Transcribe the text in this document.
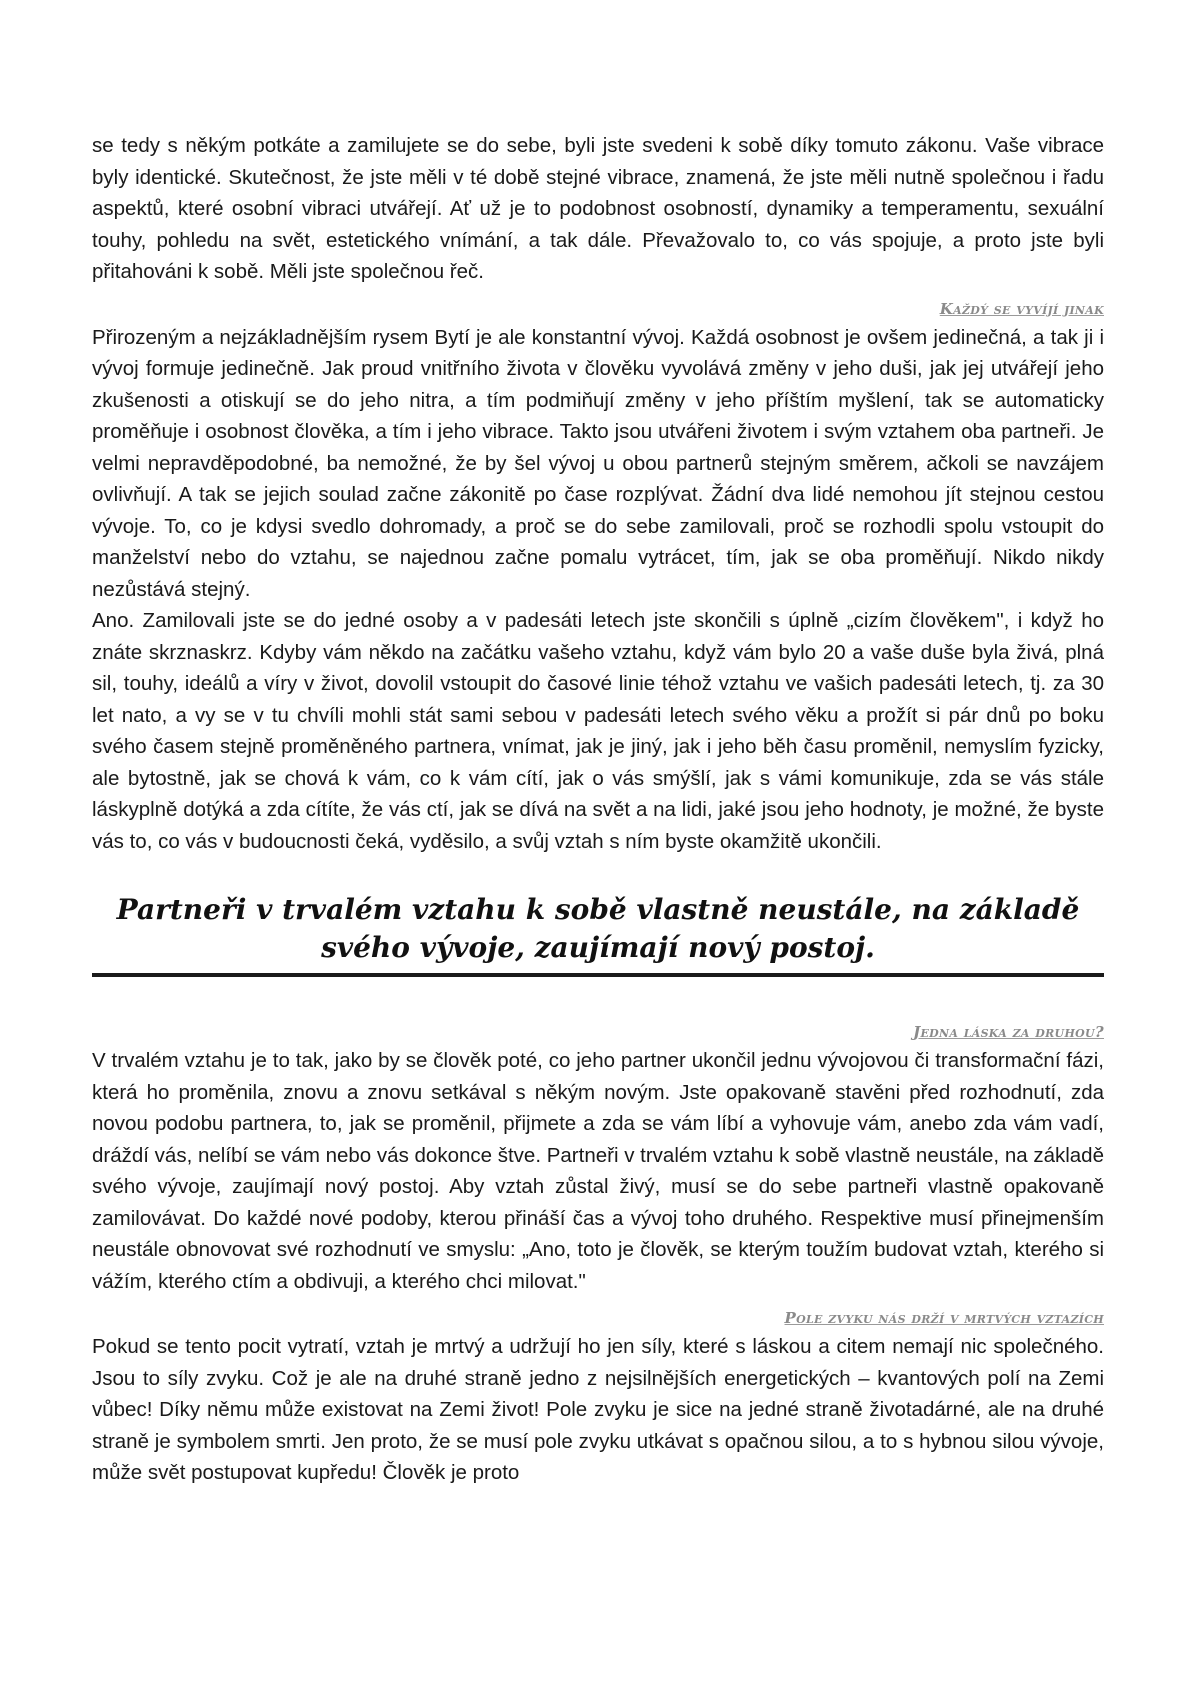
se tedy s někým potkáte a zamilujete se do sebe, byli jste svedeni k sobě díky tomuto zákonu. Vaše vibrace byly identické. Skutečnost, že jste měli v té době stejné vibrace, znamená, že jste měli nutně společnou i řadu aspektů, které osobní vibraci utvářejí. Ať už je to podobnost osobností, dynamiky a temperamentu, sexuální touhy, pohledu na svět, estetického vnímání, a tak dále. Převažovalo to, co vás spojuje, a proto jste byli přitahováni k sobě. Měli jste společnou řeč.

Každý se vyvíjí jinak

Přirozeným a nejzákladnějším rysem Bytí je ale konstantní vývoj. Každá osobnost je ovšem jedinečná, a tak ji i vývoj formuje jedinečně. Jak proud vnitřního života v člověku vyvolává změny v jeho duši, jak jej utvářejí jeho zkušenosti a otiskují se do jeho nitra, a tím podmiňují změny v jeho příštím myšlení, tak se automaticky proměňuje i osobnost člověka, a tím i jeho vibrace. Takto jsou utvářeni životem i svým vztahem oba partneři. Je velmi nepravděpodobné, ba nemožné, že by šel vývoj u obou partnerů stejným směrem, ačkoli se navzájem ovlivňují. A tak se jejich soulad začne zákonitě po čase rozplývat. Žádní dva lidé nemohou jít stejnou cestou vývoje. To, co je kdysi svedlo dohromady, a proč se do sebe zamilovali, proč se rozhodli spolu vstoupit do manželství nebo do vztahu, se najednou začne pomalu vytrácet, tím, jak se oba proměňují. Nikdo nikdy nezůstává stejný.

Ano. Zamilovali jste se do jedné osoby a v padesáti letech jste skončili s úplně „cizím člověkem", i když ho znáte skrznaskrz. Kdyby vám někdo na začátku vašeho vztahu, když vám bylo 20 a vaše duše byla živá, plná sil, touhy, ideálů a víry v život, dovolil vstoupit do časové linie téhož vztahu ve vašich padesáti letech, tj. za 30 let nato, a vy se v tu chvíli mohli stát sami sebou v padesáti letech svého věku a prožít si pár dnů po boku svého časem stejně proměněného partnera, vnímat, jak je jiný, jak i jeho běh času proměnil, nemyslím fyzicky, ale bytostně, jak se chová k vám, co k vám cítí, jak o vás smýšlí, jak s vámi komunikuje, zda se vás stále láskyplně dotýká a zda cítíte, že vás ctí, jak se dívá na svět a na lidi, jaké jsou jeho hodnoty, je možné, že byste vás to, co vás v budoucnosti čeká, vyděsilo, a svůj vztah s ním byste okamžitě ukončili.

Partneři v trvalém vztahu k sobě vlastně neustále, na základě svého vývoje, zaujímají nový postoj.

Jedna láska za druhou?

V trvalém vztahu je to tak, jako by se člověk poté, co jeho partner ukončil jednu vývojovou či transformační fázi, která ho proměnila, znovu a znovu setkával s někým novým. Jste opakovaně stavěni před rozhodnutí, zda novou podobu partnera, to, jak se proměnil, přijmete a zda se vám líbí a vyhovuje vám, anebo zda vám vadí, dráždí vás, nelíbí se vám nebo vás dokonce štve. Partneři v trvalém vztahu k sobě vlastně neustále, na základě svého vývoje, zaujímají nový postoj. Aby vztah zůstal živý, musí se do sebe partneři vlastně opakovaně zamilovávat. Do každé nové podoby, kterou přináší čas a vývoj toho druhého. Respektive musí přinejmenším neustále obnovovat své rozhodnutí ve smyslu: „Ano, toto je člověk, se kterým toužím budovat vztah, kterého si vážím, kterého ctím a obdivuji, a kterého chci milovat."

Pole zvyku nás drží v mrtvých vztazích

Pokud se tento pocit vytratí, vztah je mrtvý a udržují ho jen síly, které s láskou a citem nemají nic společného. Jsou to síly zvyku. Což je ale na druhé straně jedno z nejsilnějších energetických – kvantových polí na Zemi vůbec! Díky němu může existovat na Zemi život! Pole zvyku je sice na jedné straně životadárné, ale na druhé straně je symbolem smrti. Jen proto, že se musí pole zvyku utkávat s opačnou silou, a to s hybnou silou vývoje, může svět postupovat kupředu! Člověk je proto
